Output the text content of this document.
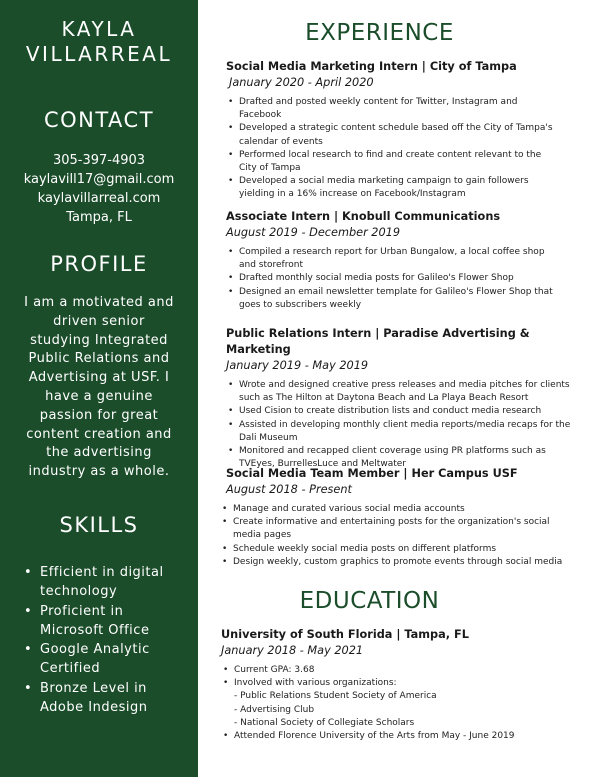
KAYLA
VILLARREAL
CONTACT
305-397-4903
kaylavill17@gmail.com
kaylavillarreal.com
Tampa, FL
PROFILE
I am a motivated and driven senior studying Integrated Public Relations and Advertising at USF. I have a genuine passion for great content creation and the advertising industry as a whole.
SKILLS
• Efficient in digital technology
• Proficient in Microsoft Office
• Google Analytic Certified
• Bronze Level in Adobe Indesign
EXPERIENCE
Social Media Marketing Intern | City of Tampa
January 2020 - April 2020
• Drafted and posted weekly content for Twitter, Instagram and Facebook
• Developed a strategic content schedule based off the City of Tampa's calendar of events
• Performed local research to find and create content relevant to the City of Tampa
• Developed a social media marketing campaign to gain followers yielding in a 16% increase on Facebook/Instagram
Associate Intern | Knobull Communications
August 2019 - December 2019
• Compiled a research report for Urban Bungalow, a local coffee shop and storefront
• Drafted monthly social media posts for Galileo's Flower Shop
• Designed an email newsletter template for Galileo's Flower Shop that goes to subscribers weekly
Public Relations Intern | Paradise Advertising & Marketing
January 2019 - May 2019
• Wrote and designed creative press releases and media pitches for clients such as The Hilton at Daytona Beach and La Playa Beach Resort
• Used Cision to create distribution lists and conduct media research
• Assisted in developing monthly client media reports/media recaps for the Dali Museum
• Monitored and recapped client coverage using PR platforms such as TVEyes, BurrellesLuce and Meltwater
Social Media Team Member | Her Campus USF
August 2018 - Present
• Manage and curated various social media accounts
• Create informative and entertaining posts for the organization's social media pages
• Schedule weekly social media posts on different platforms
• Design weekly, custom graphics to promote events through social media
EDUCATION
University of South Florida | Tampa, FL
January 2018 - May 2021
• Current GPA: 3.68
• Involved with various organizations:
- Public Relations Student Society of America
- Advertising Club
- National Society of Collegiate Scholars
• Attended Florence University of the Arts from May - June 2019
